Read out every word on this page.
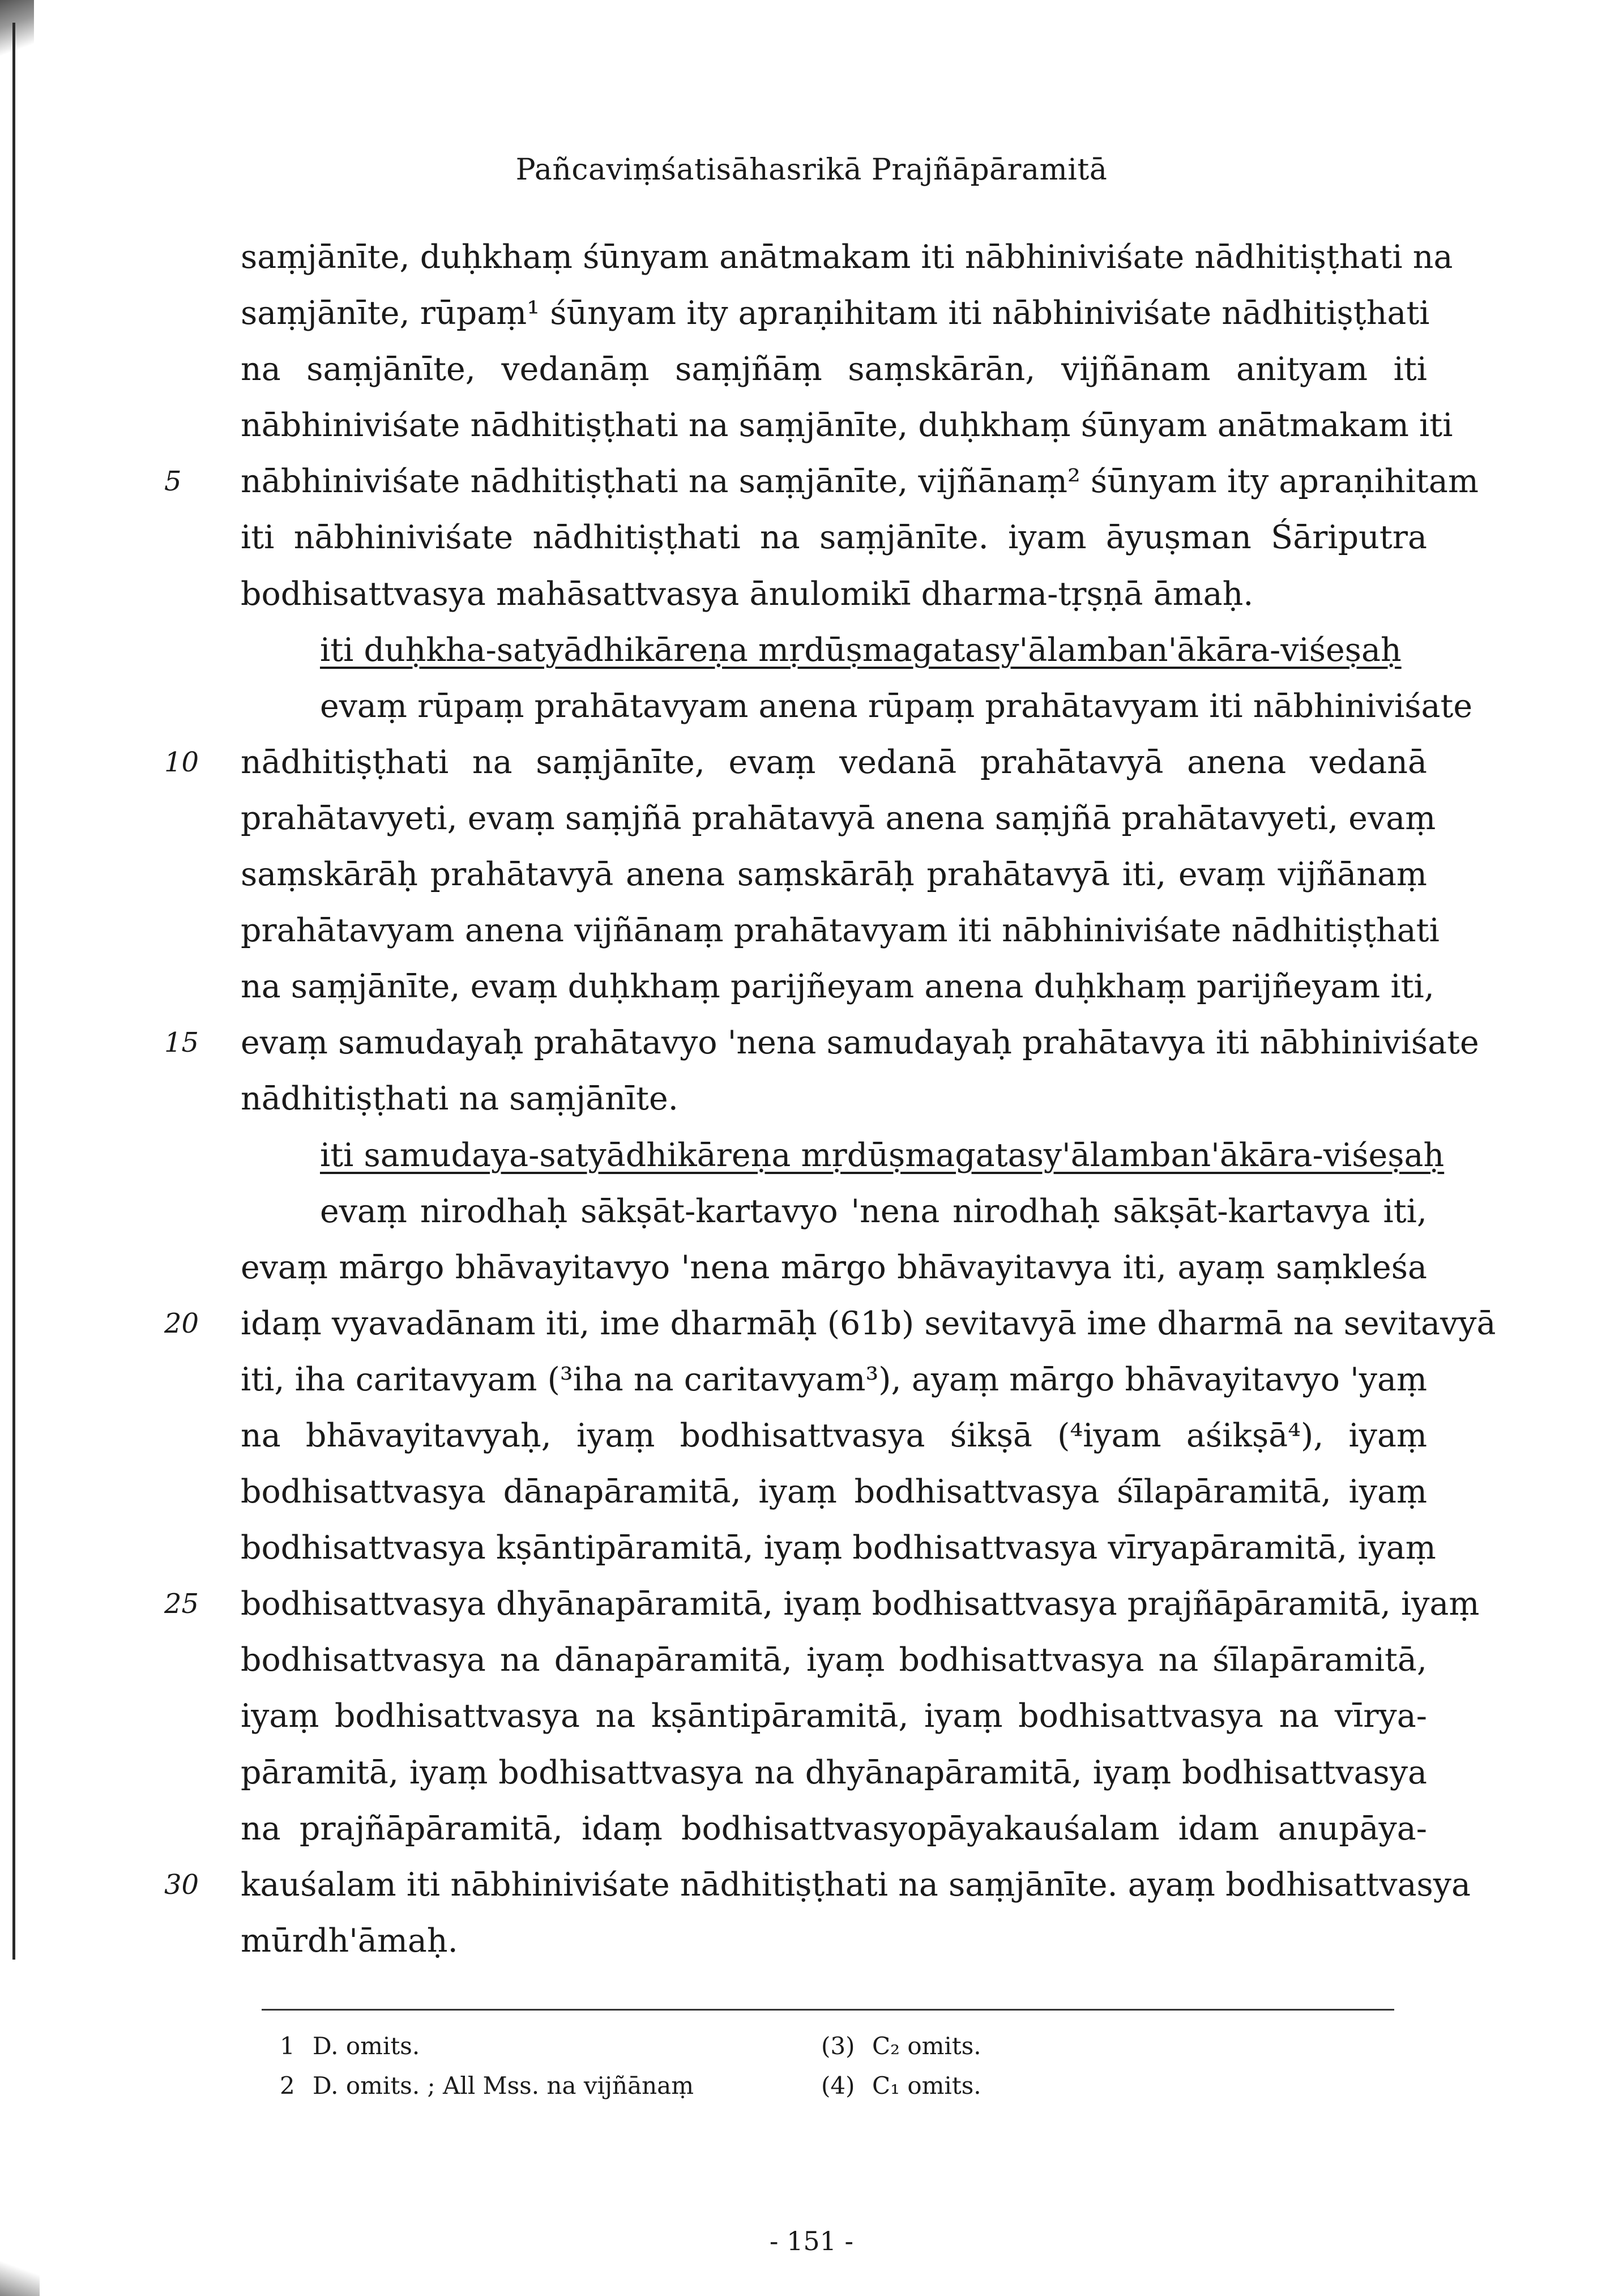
Pañcaviṃśatisāhasrikā Prajñāpāramitā
saṃjānīte, duḥkhaṃ śūnyam anātmakam iti nābhiniviśate nādhitiṣṭhati na
saṃjānīte, rūpaṃ¹ śūnyam ity apraṇihitam iti nābhiniviśate nādhitiṣṭhati
na saṃjānīte, vedanāṃ saṃjñāṃ saṃskārān, vijñānam anityam iti
nābhiniviśate nādhitiṣṭhati na saṃjānīte, duḥkhaṃ śūnyam anātmakam iti
5	nābhiniviśate nādhitiṣṭhati na saṃjānīte, vijñānaṃ² śūnyam ity apraṇihitam
iti nābhiniviśate nādhitiṣṭhati na saṃjānīte. iyam āyuṣman Śāriputra
bodhisattvasya mahāsattvasya ānulomikī dharma-tṛṣṇā āmaḥ.
iti duḥkha-satyādhikāreṇa mṛdūṣmagatasy'ālamban'ākāra-viśeṣaḥ
evaṃ rūpaṃ prahātavyam anena rūpaṃ prahātavyam iti nābhiniviśate
10	nādhitiṣṭhati na saṃjānīte, evaṃ vedanā prahātavyā anena vedanā
prahātavyeti, evaṃ saṃjñā prahātavyā anena saṃjñā prahātavyeti, evaṃ
saṃskārāḥ prahātavyā anena saṃskārāḥ prahātavyā iti, evaṃ vijñānaṃ
prahātavyam anena vijñānaṃ prahātavyam iti nābhiniviśate nādhitiṣṭhati
na saṃjānīte, evaṃ duḥkhaṃ parijñeyam anena duḥkhaṃ parijñeyam iti,
15	evaṃ samudayaḥ prahātavyo 'nena samudayaḥ prahātavya iti nābhiniviśate
nādhitiṣṭhati na saṃjānīte.
iti samudaya-satyādhikāreṇa mṛdūṣmagatasy'ālamban'ākāra-viśeṣaḥ
evaṃ nirodhaḥ sākṣāt-kartavyo 'nena nirodhaḥ sākṣāt-kartavya iti,
evaṃ mārgo bhāvayitavyo 'nena mārgo bhāvayitavya iti, ayaṃ saṃkleśa
20	idaṃ vyavadānam iti, ime dharmāḥ (61b) sevitavyā ime dharmā na sevitavyā
iti, iha caritavyam (³iha na caritavyam³), ayaṃ mārgo bhāvayitavyo 'yaṃ
na bhāvayitavyaḥ, iyaṃ bodhisattvasya śikṣā (⁴iyam aśikṣā⁴), iyaṃ
bodhisattvasya dānapāramitā, iyaṃ bodhisattvasya śīlapāramitā, iyaṃ
bodhisattvasya kṣāntipāramitā, iyaṃ bodhisattvasya vīryapāramitā, iyaṃ
25	bodhisattvasya dhyānapāramitā, iyaṃ bodhisattvasya prajñāpāramitā, iyaṃ
bodhisattvasya na dānapāramitā, iyaṃ bodhisattvasya na śīlapāramitā,
iyaṃ bodhisattvasya na kṣāntipāramitā, iyaṃ bodhisattvasya na vīrya-
pāramitā, iyaṃ bodhisattvasya na dhyānapāramitā, iyaṃ bodhisattvasya
na prajñāpāramitā, idaṃ bodhisattvasyopāyakauśalam idam anupāya-
30	kauśalam iti nābhiniviśate nādhitiṣṭhati na saṃjānīte. ayaṃ bodhisattvasya
mūrdh'āmaḥ.
1 D. omits.
2 D. omits. ; All Mss. na vijñānaṃ
(3) C₂ omits.
(4) C₁ omits.
- 151 -
